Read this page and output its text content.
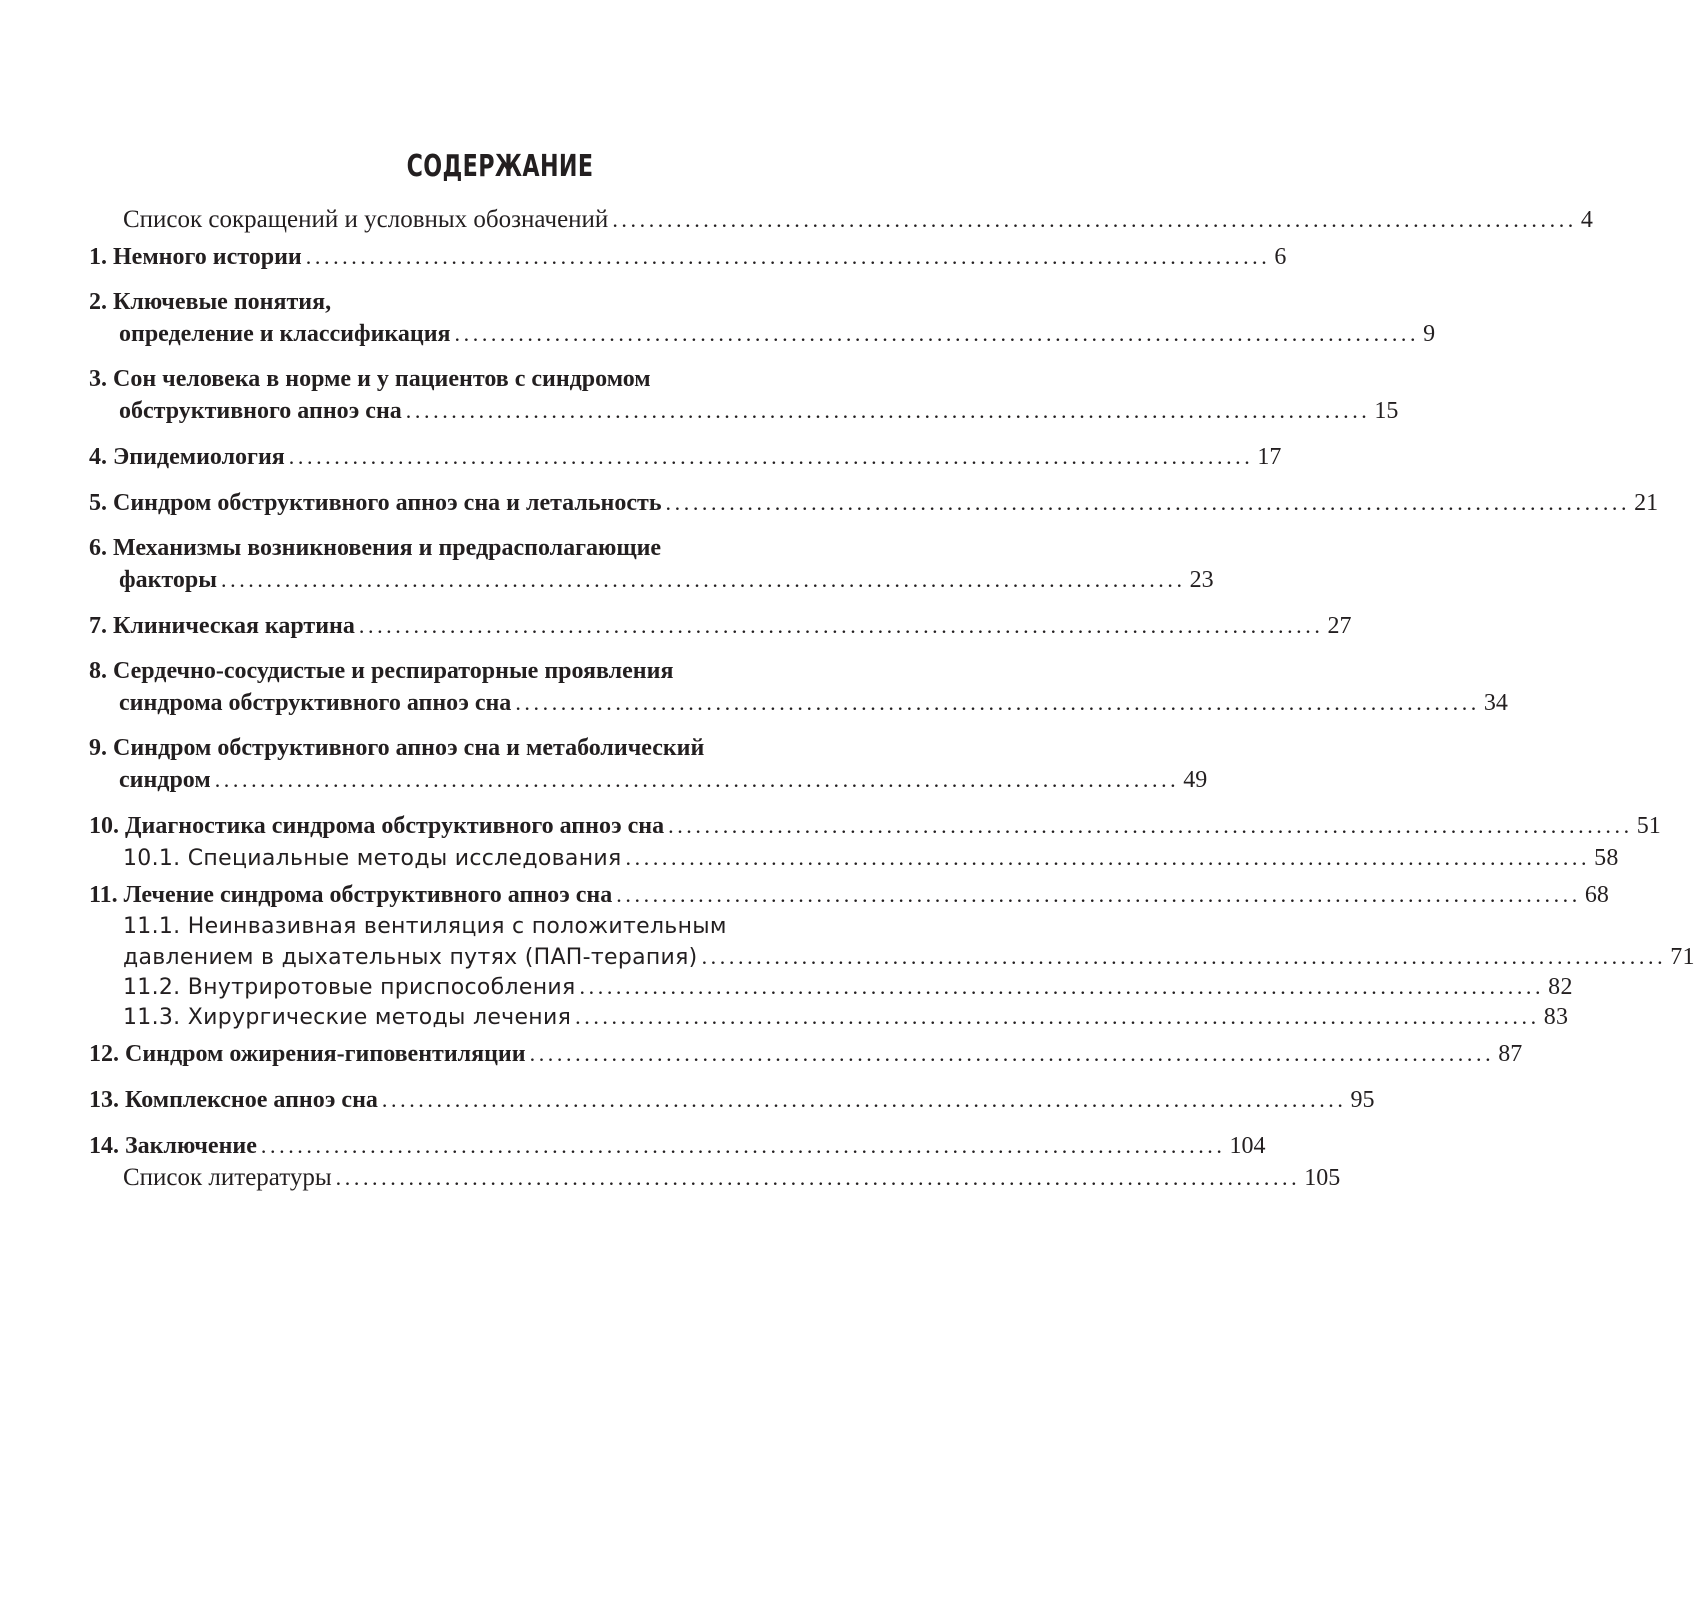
СОДЕРЖАНИЕ
Список сокращений и условных обозначений .......................................................................................................... 4
1. Немного истории .......................................................................................................... 6
2. Ключевые понятия,
определение и классификация .......................................................................................................... 9
3. Сон человека в норме и у пациентов с синдромом
обструктивного апноэ сна .......................................................................................................... 15
4. Эпидемиология .......................................................................................................... 17
5. Синдром обструктивного апноэ сна и летальность .......................................................................................................... 21
6. Механизмы возникновения и предрасполагающие
факторы .......................................................................................................... 23
7. Клиническая картина .......................................................................................................... 27
8. Сердечно-сосудистые и респираторные проявления
синдрома обструктивного апноэ сна .......................................................................................................... 34
9. Синдром обструктивного апноэ сна и метаболический
синдром .......................................................................................................... 49
10. Диагностика синдрома обструктивного апноэ сна .......................................................................................................... 51
10.1. Специальные методы исследования .......................................................................................................... 58
11. Лечение синдрома обструктивного апноэ сна .......................................................................................................... 68
11.1. Неинвазивная вентиляция с положительным
давлением в дыхательных путях (ПАП-терапия) .......................................................................................................... 71
11.2. Внутриротовые приспособления .......................................................................................................... 82
11.3. Хирургические методы лечения .......................................................................................................... 83
12. Синдром ожирения-гиповентиляции .......................................................................................................... 87
13. Комплексное апноэ сна .......................................................................................................... 95
14. Заключение .......................................................................................................... 104
Список литературы .......................................................................................................... 105
